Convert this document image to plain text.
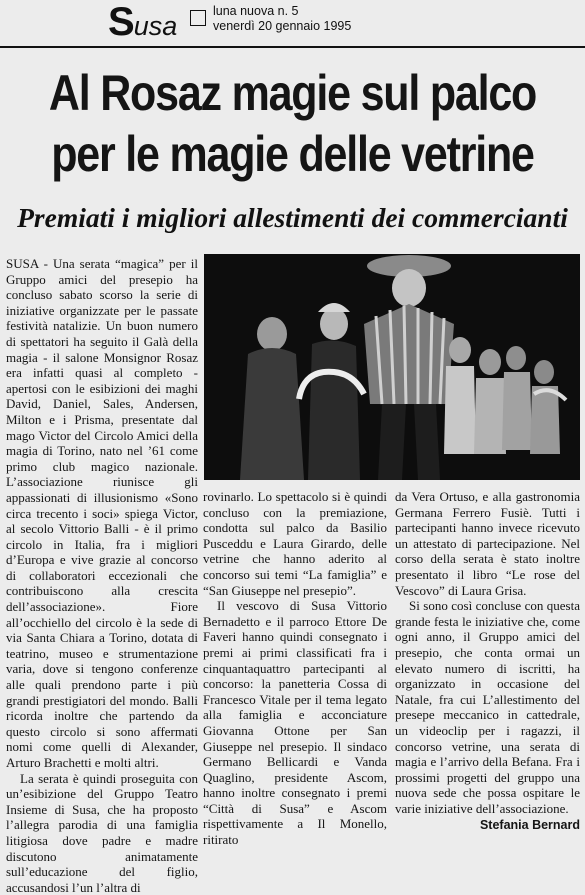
Susa	luna nuova n. 5
venerdì 20 gennaio 1995
Al Rosaz magie sul palco
per le magie delle vetrine
Premiati i migliori allestimenti dei commercianti

SUSA - Una serata “magica” per il Gruppo amici del presepio ha concluso sabato scorso la serie di iniziative organizzate per le passate festività natalizie. Un buon numero di spettatori ha seguito il Galà della magia - il salone Monsignor Rosaz era infatti quasi al completo - apertosi con le esibizioni dei maghi David, Daniel, Sales, Andersen, Milton e i Prisma, presentate dal mago Victor del Circolo Amici della magia di Torino, nato nel ’61 come primo club magico nazionale. L’associazione riunisce gli appassionati di illusionismo «Sono circa trecento i soci» spiega Victor, al secolo Vittorio Balli - è il primo circolo in Italia, fra i migliori d’Europa e vive grazie al concorso di collaboratori eccezionali che contribuiscono alla crescita dell’associazione». Fiore all’occhiello del circolo è la sede di via Santa Chiara a Torino, dotata di teatrino, museo e strumentazione varia, dove si tengono conferenze alle quali prendono parte i più grandi prestigiatori del mondo. Balli ricorda inoltre che partendo da questo circolo si sono affermati nomi come quelli di Alexander, Arturo Brachetti e molti altri.

La serata è quindi proseguita con un’esibizione del Gruppo Teatro Insieme di Susa, che ha proposto l’allegra parodia di una famiglia litigiosa dove padre e madre discutono animatamente sull’educazione del figlio, accusandosi l’un l’altra di

rovinarlo. Lo spettacolo si è quindi concluso con la premiazione, condotta sul palco da Basilio Pusceddu e Laura Girardo, delle vetrine che hanno aderito al concorso sui temi “La famiglia” e “San Giuseppe nel presepio”.

Il vescovo di Susa Vittorio Bernadetto e il parroco Ettore De Faveri hanno quindi consegnato i premi ai primi classificati fra i cinquantaquattro partecipanti al concorso: la panetteria Cossa di Francesco Vitale per il tema legato alla famiglia e acconciature Giovanna Ottone per San Giuseppe nel presepio. Il sindaco Germano Bellicardi e Vanda Quaglino, presidente Ascom, hanno inoltre consegnato i premi “Città di Susa” e Ascom rispettivamente a Il Monello, ritirato

da Vera Ortuso, e alla gastronomia Germana Ferrero Fusiè. Tutti i partecipanti hanno invece ricevuto un attestato di partecipazione. Nel corso della serata è stato inoltre presentato il libro “Le rose del Vescovo” di Laura Grisa.

Si sono così concluse con questa grande festa le iniziative che, come ogni anno, il Gruppo amici del presepio, che conta ormai un elevato numero di iscritti, ha organizzato in occasione del Natale, fra cui L’allestimento del presepe meccanico in cattedrale, un videoclip per i ragazzi, il concorso vetrine, una serata di magia e l’arrivo della Befana. Fra i prossimi progetti del gruppo una nuova sede che possa ospitare le varie iniziative dell’associazione.

Stefania Bernard
